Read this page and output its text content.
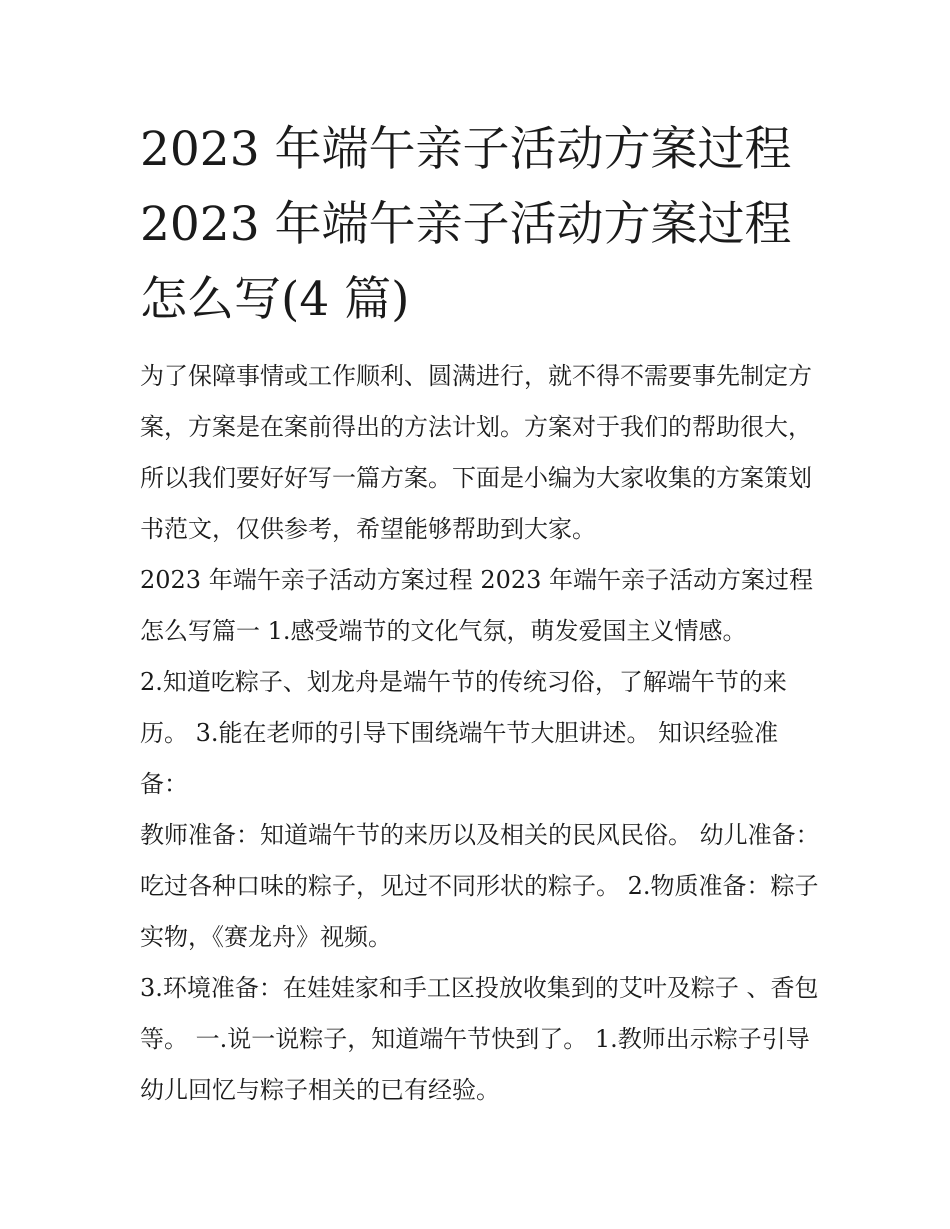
2023 年端午亲子活动方案过程
2023 年端午亲子活动方案过程
怎么写(4 篇)

为了保障事情或工作顺利、圆满进行，就不得不需要事先制定方案，方案是在案前得出的方法计划。方案对于我们的帮助很大，所以我们要好好写一篇方案。下面是小编为大家收集的方案策划书范文，仅供参考，希望能够帮助到大家。

2023 年端午亲子活动方案过程 2023 年端午亲子活动方案过程怎么写篇一 1.感受端节的文化气氛，萌发爱国主义情感。

2.知道吃粽子、划龙舟是端午节的传统习俗，了解端午节的来历。 3.能在老师的引导下围绕端午节大胆讲述。 知识经验准备：

教师准备：知道端午节的来历以及相关的民风民俗。 幼儿准备：吃过各种口味的粽子，见过不同形状的粽子。 2.物质准备：粽子实物，《赛龙舟》视频。

3.环境准备：在娃娃家和手工区投放收集到的艾叶及粽子 、香包等。 一.说一说粽子，知道端午节快到了。 1.教师出示粽子引导幼儿回忆与粽子相关的已有经验。
